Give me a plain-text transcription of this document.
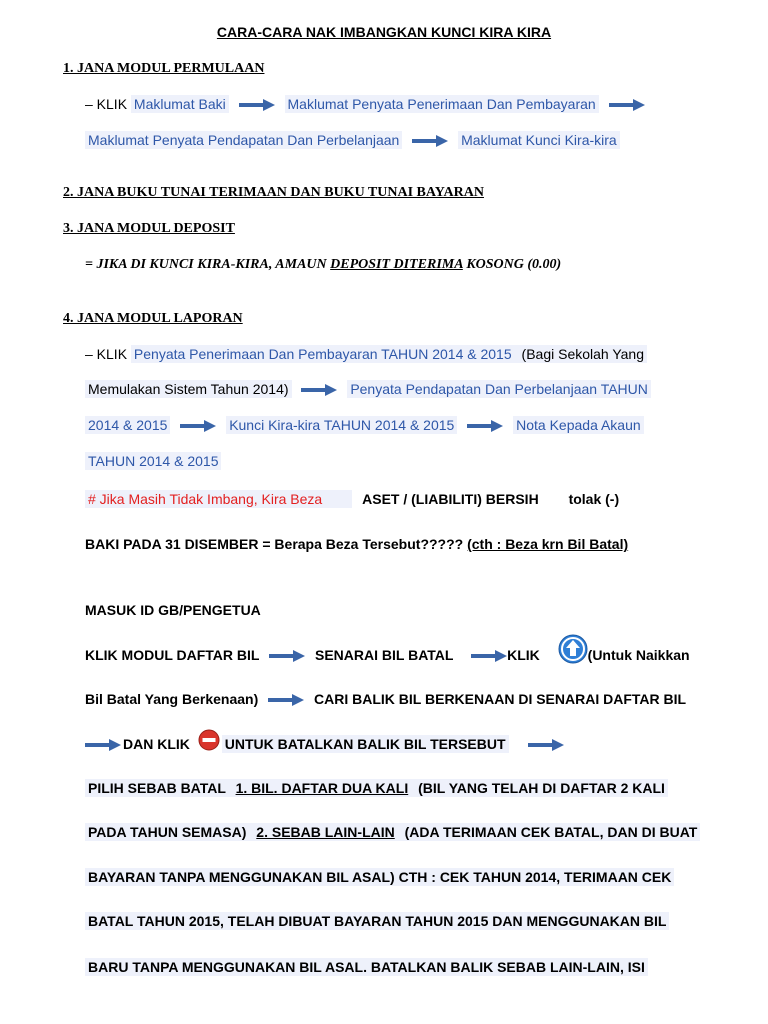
CARA-CARA NAK IMBANGKAN KUNCI KIRA KIRA
1. JANA MODUL PERMULAAN
– KLIK Maklumat Baki	Maklumat Penyata Penerimaan Dan Pembayaran
Maklumat Penyata Pendapatan Dan Perbelanjaan	Maklumat Kunci Kira-kira
2. JANA BUKU TUNAI TERIMAAN DAN BUKU TUNAI BAYARAN
3. JANA MODUL DEPOSIT
= JIKA DI KUNCI KIRA-KIRA, AMAUN DEPOSIT DITERIMA KOSONG (0.00)
4. JANA MODUL LAPORAN
– KLIK Penyata Penerimaan Dan Pembayaran TAHUN 2014 & 2015 (Bagi Sekolah Yang
Memulakan Sistem Tahun 2014)	Penyata Pendapatan Dan Perbelanjaan TAHUN
2014 & 2015	Kunci Kira-kira TAHUN 2014 & 2015	Nota Kepada Akaun
TAHUN 2014 & 2015
# Jika Masih Tidak Imbang, Kira Beza	ASET / (LIABILITI) BERSIH tolak (-)
BAKI PADA 31 DISEMBER = Berapa Beza Tersebut????? (cth : Beza krn Bil Batal)
MASUK ID GB/PENGETUA
KLIK MODUL DAFTAR BIL	SENARAI BIL BATAL	KLIK	(Untuk Naikkan
Bil Batal Yang Berkenaan)	CARI BALIK BIL BERKENAAN DI SENARAI DAFTAR BIL
DAN KLIK UNTUK BATALKAN BALIK BIL TERSEBUT
PILIH SEBAB BATAL 1. BIL. DAFTAR DUA KALI (BIL YANG TELAH DI DAFTAR 2 KALI
PADA TAHUN SEMASA) 2. SEBAB LAIN-LAIN (ADA TERIMAAN CEK BATAL, DAN DI BUAT
BAYARAN TANPA MENGGUNAKAN BIL ASAL) CTH : CEK TAHUN 2014, TERIMAAN CEK
BATAL TAHUN 2015, TELAH DIBUAT BAYARAN TAHUN 2015 DAN MENGGUNAKAN BIL
BARU TANPA MENGGUNAKAN BIL ASAL. BATALKAN BALIK SEBAB LAIN-LAIN, ISI
